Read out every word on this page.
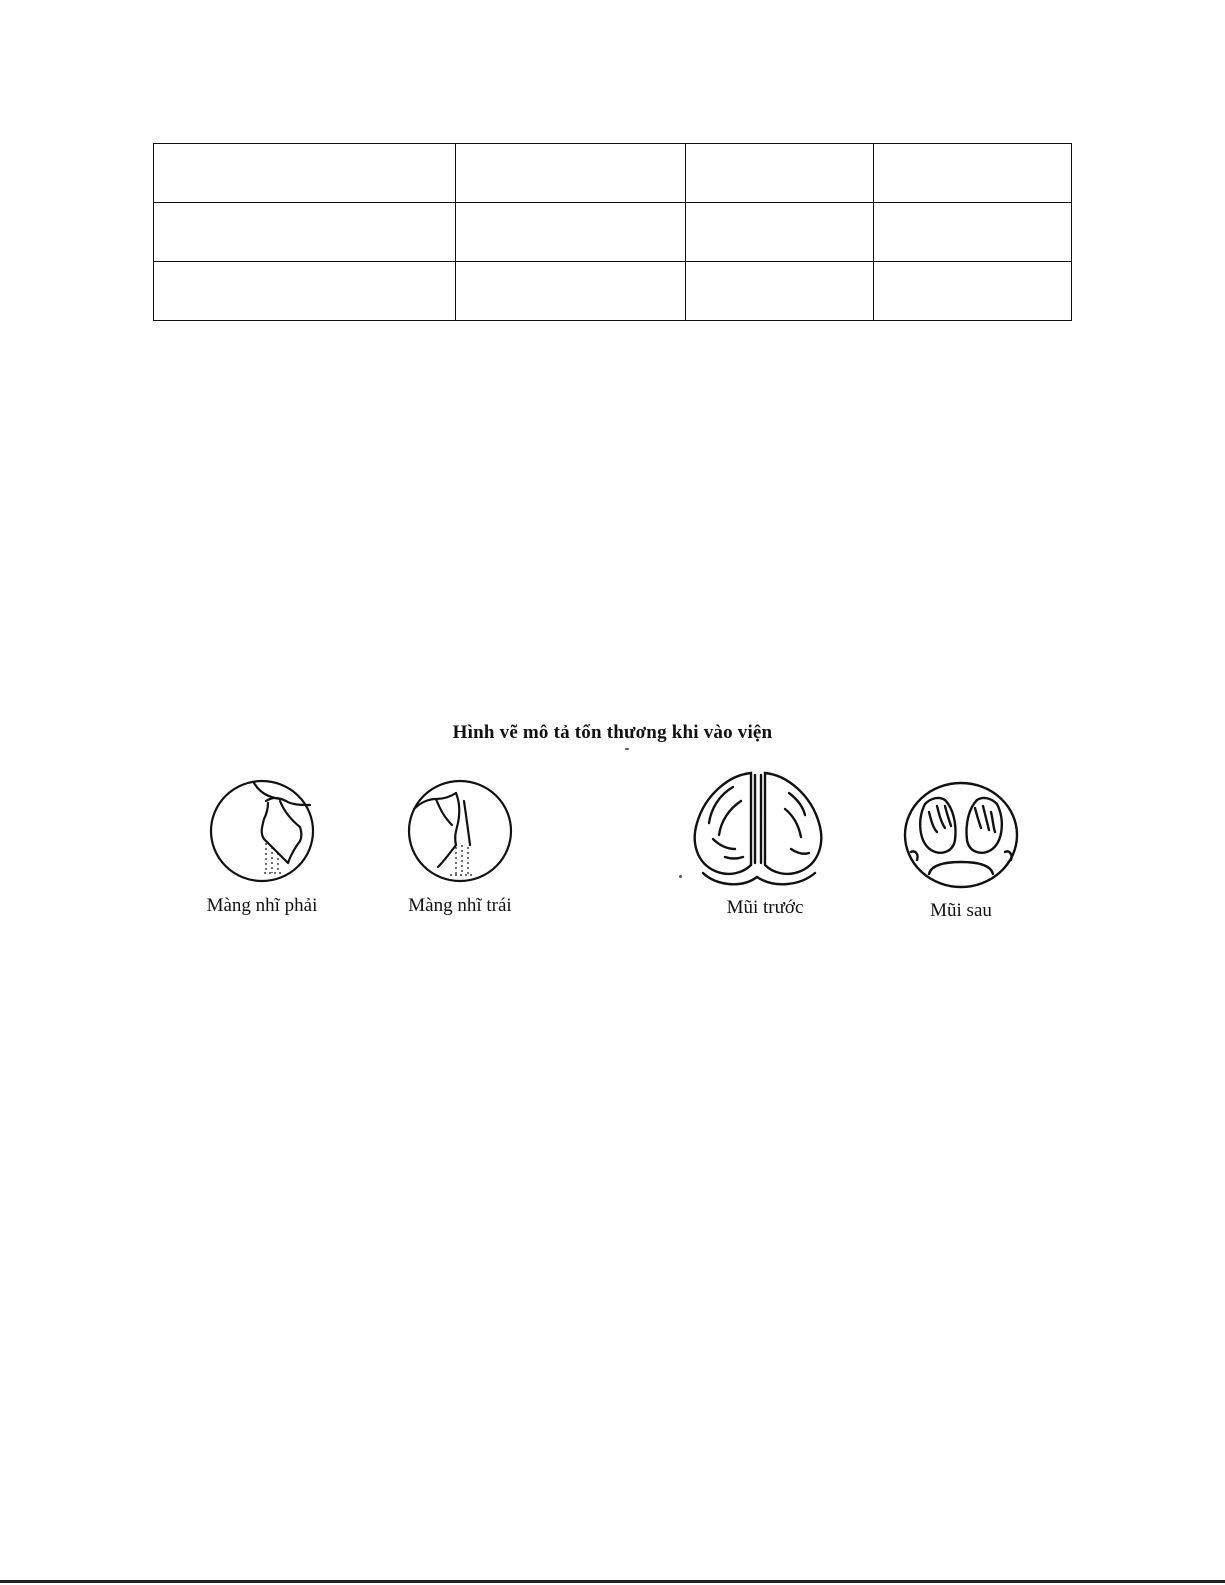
Hình vẽ mô tả tổn thương khi vào viện
Màng nhĩ phải	Màng nhĩ trái	Mũi trước	Mũi sau
